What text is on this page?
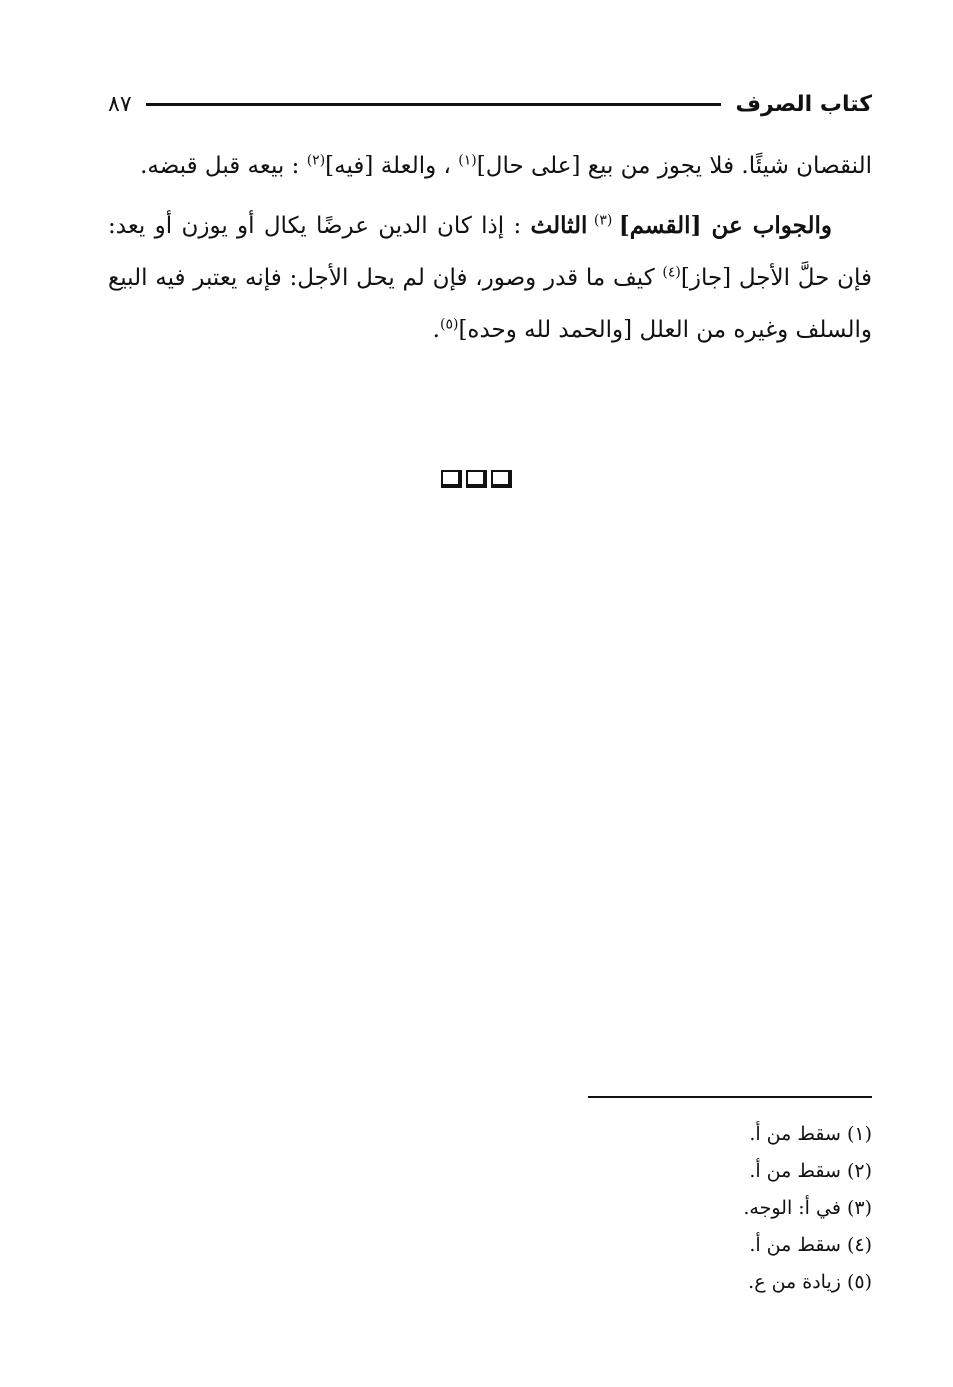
كتاب الصرف
٨٧

النقصان شيئًا. فلا يجوز من بيع [على حال]$^{(١)}$ ، والعلة [فيه]$^{(٢)}$ : بيعه قبل قبضه.

والجواب عن [القسم] $^{(٣)}$ الثالث : إذا كان الدين عرضًا يكال أو يوزن أو يعد: فإن حلَّ الأجل [جاز]$^{(٤)}$ كيف ما قدر وصور، فإن لم يحل الأجل: فإنه يعتبر فيه البيع والسلف وغيره من العلل [والحمد لله وحده]$^{(٥)}$.

(١)
سقط من أ.
(٢)
سقط من أ.
(٣)
في أ: الوجه.
(٤)
سقط من أ.
(٥)
زيادة من ع.
